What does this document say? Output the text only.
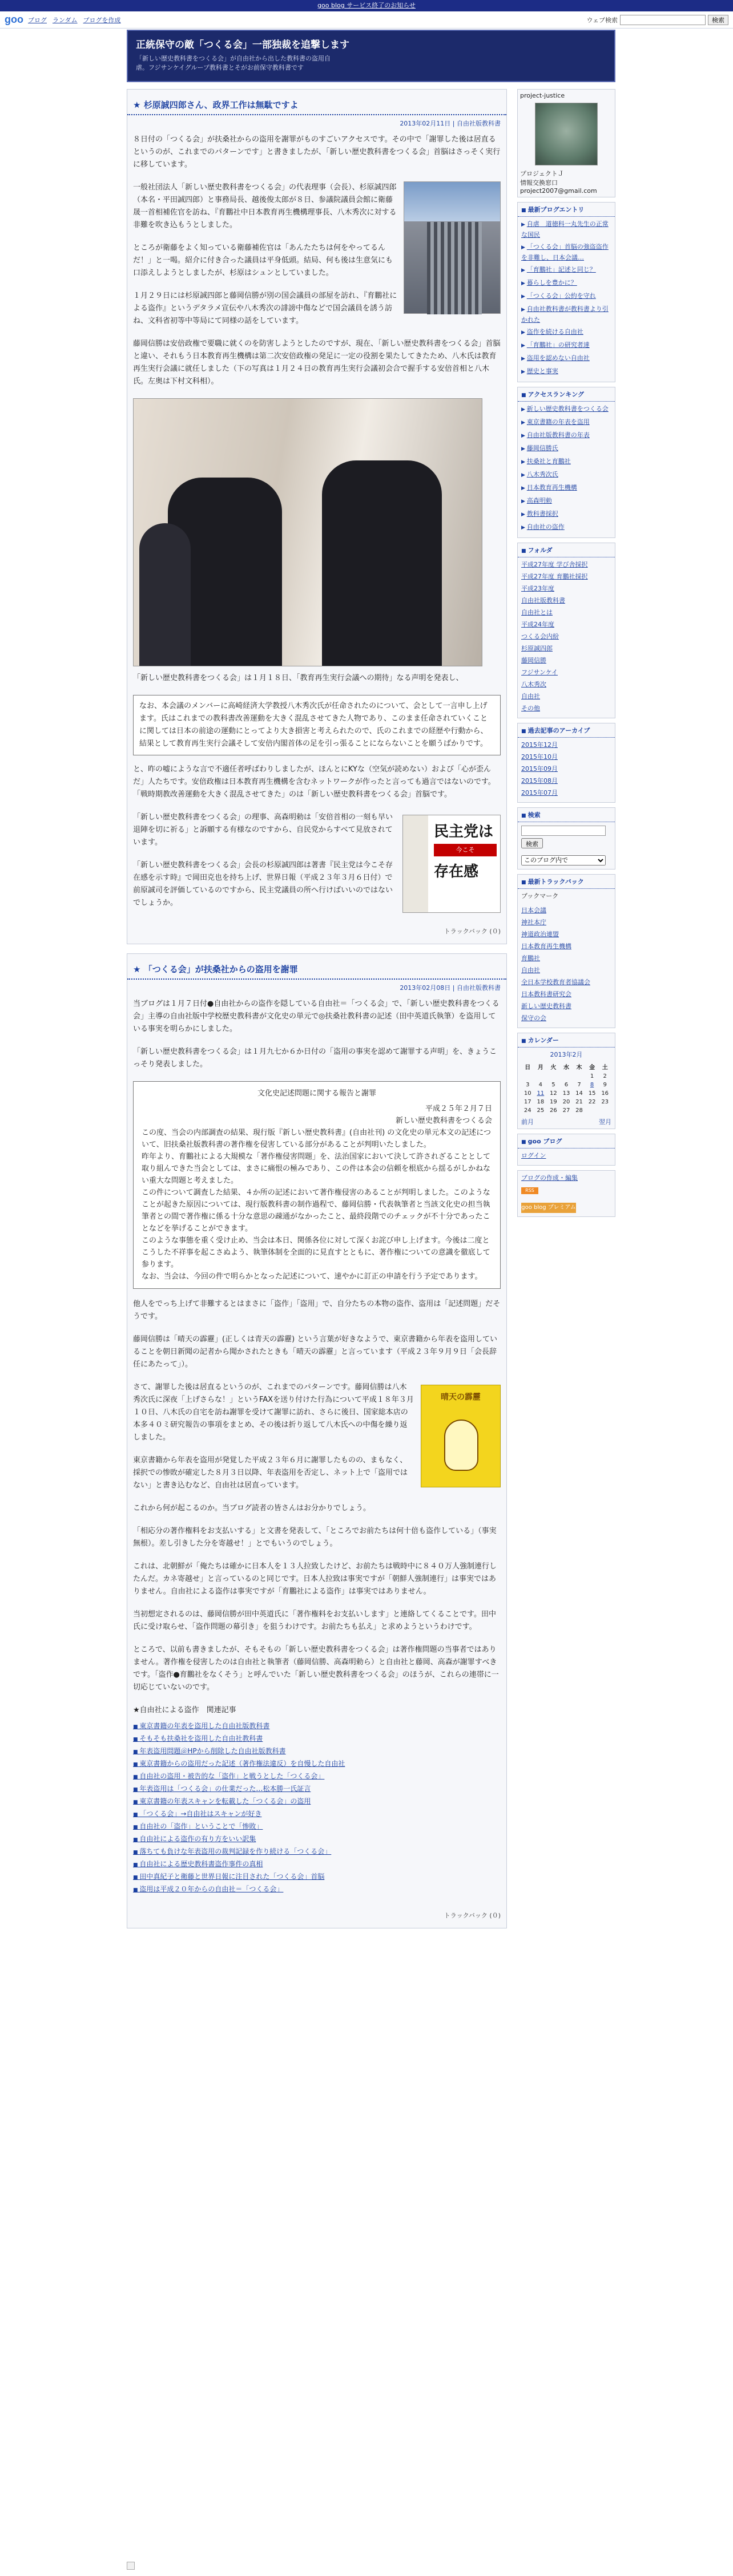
goo blog サービス終了のお知らせ
goo ブログ ランダム ブログを作成	ウェブ検索	検索
正統保守の敵「つくる会」一部独裁を追撃します
「新しい歴史教科書をつくる会」が自由社から出した教科書の盗用自
虐。フジサンケイグループ教科書とそがお前保守教科書です
★ 杉原誠四郎さん、政界工作は無駄ですよ
2013年02月11日 | 自由社版教科書

８日付の「つくる会」が扶桑社からの盗用を謝罪がものすごいアクセスです。その中で「謝罪した後は居直るというのが、これまでのパターンです」と書きましたが、「新しい歴史教科書をつくる会」首脳はさっそく実行に移しています。

一般社団法人「新しい歴史教科書をつくる会」の代表理事（会長）、杉原誠四郎（本名・平田誠四郎）と事務局長、越後俊太郎が８日、参議院議員会館に衛藤晟一首相補佐官を訪ね、『育鵬社中日本教育再生機構理事長、八木秀次に対する非難を吹き込もうとしました。

ところが衛藤をよく知っている衛藤補佐官は「あんたたちは何をやってるんだ！」と一喝。紹介に付き合った議員は平身低頭。結局、何も後は生意気にも口添えしようとしましたが、杉原はシュンとしていました。

１月２９日には杉原誠四郎と藤岡信勝が別の国会議員の部屋を訪れ、『育鵬社による盗作』というデタラメ宣伝や八木秀次の誹謗中傷などで国会議員を誘う訪ね、文科省初等中等局にて同様の話をしています。

藤岡信勝は安倍政権で要職に就くのを防害しようとしたのですが、現在、「新しい歴史教科書をつくる会」首脳と違い、それもう日本教育再生機構は第二次安倍政権の発足に一定の役割を果たしてきたため、八木氏は教育再生実行会議に就任しました（下の写真は１月２４日の教育再生実行会議初会合で握手する安倍首相と八木氏。左奥は下村文科相）。

「新しい歴史教科書をつくる会」は１月１８日、「教育再生実行会議への期待」なる声明を発表し、

なお、本会議のメンバーに高崎経済大学教授八木秀次氏が任命されたのについて、会として一言申し上げます。氏はこれまでの教科書改善運動を大きく混乱させてきた人物であり、このまま任命されていくことに関しては日本の前途の運動にとってより大き損害と考えられたので、氏のこれまでの経歴や行動から、結果として教育再生実行会議そして安倍内閣首体の足を引っ張ることにならないことを願うばかりです。

と、昨の嘘にような言で不適任者呼ばわりしましたが、ほんとにKYな（空気が読めない）および「心が歪んだ」人たちです。安倍政権は日本教育再生機構を含むネットワークが作ったと言っても過言ではないのです。「戦時期教改善運動を大きく混乱させてきた」のは「新しい歴史教科書をつくる会」首脳です。

民主党は
今こそ
存在感

「新しい歴史教科書をつくる会」の理事、高森明勅は「安倍首相の一刻も早い退陣を切に祈る」と訴願する有様なのですから、自民党からすべて見放されています。

「新しい歴史教科書をつくる会」会長の杉原誠四郎は著書『民主党は今こそ存在感を示す時』で岡田克也を持ち上げ、世界日報（平成２３年３月６日付）で前原誠司を評価しているのですから、民主党議員の所へ行けばいいのではないでしょうか。

トラックバック (０)
★ 「つくる会」が扶桑社からの盗用を謝罪
2013年02月08日 | 自由社版教科書

当ブログは１月７日付●自由社からの盗作を隠している自由社＝「つくる会」で、「新しい歴史教科書をつくる会」主導の自由社版中学校歴史教科書が文化史の単元で◎扶桑社教科書の記述（田中英道氏執筆）を盗用している事実を明らかにしました。

「新しい歴史教科書をつくる会」は１月九七か６か日付の「盗用の事実を認めて謝罪する声明」を、きょうこっそり発表しました。

文化史記述問題に関する報告と謝罪
平成２５年２月７日
新しい歴史教科書をつくる会

この度、当会の内部調査の結果、現行版『新しい歴史教科書』(自由社刊) の文化史の単元本文の記述について、旧扶桑社版教科書の著作権を侵害している部分があることが判明いたしました。

昨年より、育鵬社による大規模な「著作権侵害問題」を、法治国家において決して許されざることとして取り組んできた当会としては、まさに痛恨の極みであり、この件は本会の信頼を根底から揺るがしかねない重大な問題と考えました。

この件について調査した結果、４か所の記述において著作権侵害のあることが判明しました。このようなことが起きた原因については、現行版教科書の制作過程で、藤岡信勝・代表執筆者と当該文化史の担当執筆者との間で著作権に係る十分な意思の疎通がなかったこと、最終段階でのチェックが不十分であったことなどを挙げることができます。

このような事態を重く受け止め、当会は本日、関係各位に対して深くお詫び申し上げます。今後は二度とこうした不祥事を起こさぬよう、執筆体制を全面的に見直すとともに、著作権についての意識を徹底して参ります。

なお、当会は、今回の件で明らかとなった記述について、速やかに訂正の申請を行う予定であります。

他人をでっち上げて非難するとはまさに「盗作」「盗用」で、自分たちの本物の盗作、盗用は「記述問題」だそうです。

藤岡信勝は「晴天の霹靂」(正しくは青天の霹靂) という言葉が好きなようで、東京書籍から年表を盗用していることを朝日新聞の記者から聞かされたときも「晴天の霹靂」と言っています（平成２３年９月９日「会長辞任にあたって」）。

晴天の霹靂

さて、謝罪した後は居直るというのが、これまでのパターンです。藤岡信勝は八木秀次氏に深夜「上げさらな！」というFAXを送り付けた行為について平成１８年３月１０日、八木氏の自宅を訪ね謝罪を受けて謝罪に訪れ、さらに後日、国家総本店の本多４０ミ研究報告の事項をまとめ、その後は折り返して八木氏への中傷を繰り返しました。

東京書籍から年表を盗用が発覚した平成２３年６月に謝罪したものの、まもなく、採択での惨敗が確定した８月３日以降、年表盗用を否定し、ネット上で「盗用ではない」と書き込むなど、自由社は居直っています。

これから何が起こるのか。当ブログ読者の皆さんはお分かりでしょう。

「相応分の著作権料をお支払いする」と文書を発表して、「ところでお前たちは何十倍も盗作している」（事実無根）。差し引きした分を寄越せ！」とでもいうのでしょう。

これは、北朝鮮が「俺たちは確かに日本人を１３人拉致したけど、お前たちは戦時中に８４０万人強制連行したんだ。カネ寄越せ」と言っているのと同じです。日本人拉致は事実ですが「朝鮮人強制連行」は事実ではありません。自由社による盗作は事実ですが「育鵬社による盗作」は事実ではありません。

当初想定されるのは、藤岡信勝が田中英道氏に「著作権料をお支払いします」と連絡してくることです。田中氏に受け取らせ、「盗作問題の幕引き」を狙うわけです。お前たちも払え」と求めようというわけです。

ところで、以前も書きましたが、そもそもの「新しい歴史教科書をつくる会」は著作権問題の当事者ではありません。著作権を侵害したのは自由社と執筆者（藤岡信勝、高森明勅ら）と自由社と藤岡、高森が謝罪すべきです。「盗作●育鵬社をなくそう」と呼んでいた「新しい歴史教科書をつくる会」のほうが、これらの連帯に一切応じていないのです。

★自由社による盗作　関連記事
■ 東京書籍の年表を盗用した自由社版教科書
■ そもそも扶桑社を盗用した自由社教科書
■ 年表盗用問題＠HPから削除した自由社版教科書
■ 東京書籍からの盗用だった記述（著作権法違反）を自慢した自由社
■ 自由社の盗用・被告的な「盗作」と戦うとした「つくる会」
■ 年表盗用は「つくる会」の仕業だった…松本勝一氏証言
■ 東京書籍の年表スキャンを転載した「つくる会」の盗用
■ 「つくる会」→自由社はスキャンが好き
■ 自由社の「盗作」ということで「惨敗」
■ 自由社による盗作の有り方をいい訳集
■ 落ちても負けな年表盗用の裁判記録を作り続ける「つくる会」
■ 自由社による歴史教科書盗作事件の真相
■ 田中真紀子と衛藤と世界日報に注目された「つくる会」首脳
■ 盗用は平成２０年からの自由社＝「つくる会」
トラックバック (０)
project-justice
プロジェクトＪ
情報交換窓口
project2007@gmail.com
■ 最新プログエントリ
▶ 自虐　道徳科一丸先生の正常な国民
▶ 「つくる会」首脳の強盗盗作を非難し、日本会議…
▶ 「育鵬社」記述と同じ？
▶ 暮らしを豊かに？
▶ 「つくる会」公約を守れ
▶ 自由社教科書が教科書より引かれた
▶ 盗作を続ける自由社
▶ 「育鵬社」の研究者達
▶ 盗用を認めない自由社
▶ 歴史と事実
■ アクセスランキング
▶ 新しい歴史教科書をつくる会
▶ 東京書籍の年表を盗用
▶ 自由社版教科書の年表
▶ 藤岡信勝氏
▶ 扶桑社と育鵬社
▶ 八木秀次氏
▶ 日本教育再生機構
▶ 高森明勅
▶ 教科書採択
▶ 自由社の盗作
■ フォルダ
平成27年度 学び舎採択
平成27年度 育鵬社採択
平成23年度
自由社版教科書
自由社とは
平成24年度
つくる会内紛
杉原誠四郎
藤岡信勝
フジサンケイ
八木秀次
自由社
その他
■ 過去記事のアーカイブ
2015年12月
2015年10月
2015年09月
2015年08月
2015年07月
■ 検索
検索
このブログ内で
■ 最新トラックバック
ブックマーク
日本会議
神社本庁
神道政治連盟
日本教育再生機構
育鵬社
自由社
全日本学校教育者協議会
日本教科書研究会
新しい歴史教科書
保守の会
■ カレンダー
2013年2月
日	月	火	水	木	金	土
					1	2
3	4	5	6	7	8	9
10	11	12	13	14	15	16
17	18	19	20	21	22	23
24	25	26	27	28		
前月	翌月
■ goo ブログ
ログイン
ブログの作成・編集
RSS
goo blog プレミアム
